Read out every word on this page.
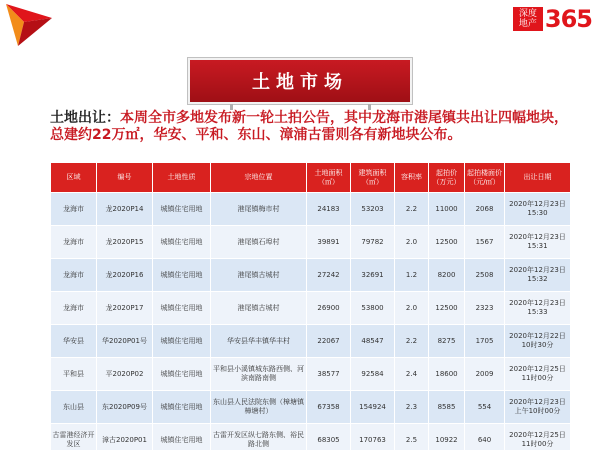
深度地产 365
土地市场
土地出让：本周全市多地发布新一轮土拍公告，其中龙海市港尾镇共出让四幅地块，总建约22万㎡，华安、平和、东山、漳浦古雷则各有新地块公布。
区域	编号	土地性质	宗地位置	土地面积（㎡）	建筑面积（㎡）	容积率	起拍价（万元）	起拍楼面价（元/㎡）	出让日期
龙海市	龙2020P14	城镇住宅用地	港尾镇梅市村	24183	53203	2.2	11000	2068	2020年12月23日15:30
龙海市	龙2020P15	城镇住宅用地	港尾镇石埠村	39891	79782	2.0	12500	1567	2020年12月23日15:31
龙海市	龙2020P16	城镇住宅用地	港尾镇古城村	27242	32691	1.2	8200	2508	2020年12月23日15:32
龙海市	龙2020P17	城镇住宅用地	港尾镇古城村	26900	53800	2.0	12500	2323	2020年12月23日15:33
华安县	华2020P01号	城镇住宅用地	华安县华丰镇华丰村	22067	48547	2.2	8275	1705	2020年12月22日10时30分
平和县	平2020P02	城镇住宅用地	平和县小溪镇城东路西侧、河滨南路南侧	38577	92584	2.4	18600	2009	2020年12月25日11时00分
东山县	东2020P09号	城镇住宅用地	东山县人民法院东侧（樟塘镇樟塘村）	67358	154924	2.3	8585	554	2020年12月23日上午10时00分
古雷港经济开发区	漳古2020P01	城镇住宅用地	古雷开发区纵七路东侧、裕民路北侧	68305	170763	2.5	10922	640	2020年12月25日11时00分
